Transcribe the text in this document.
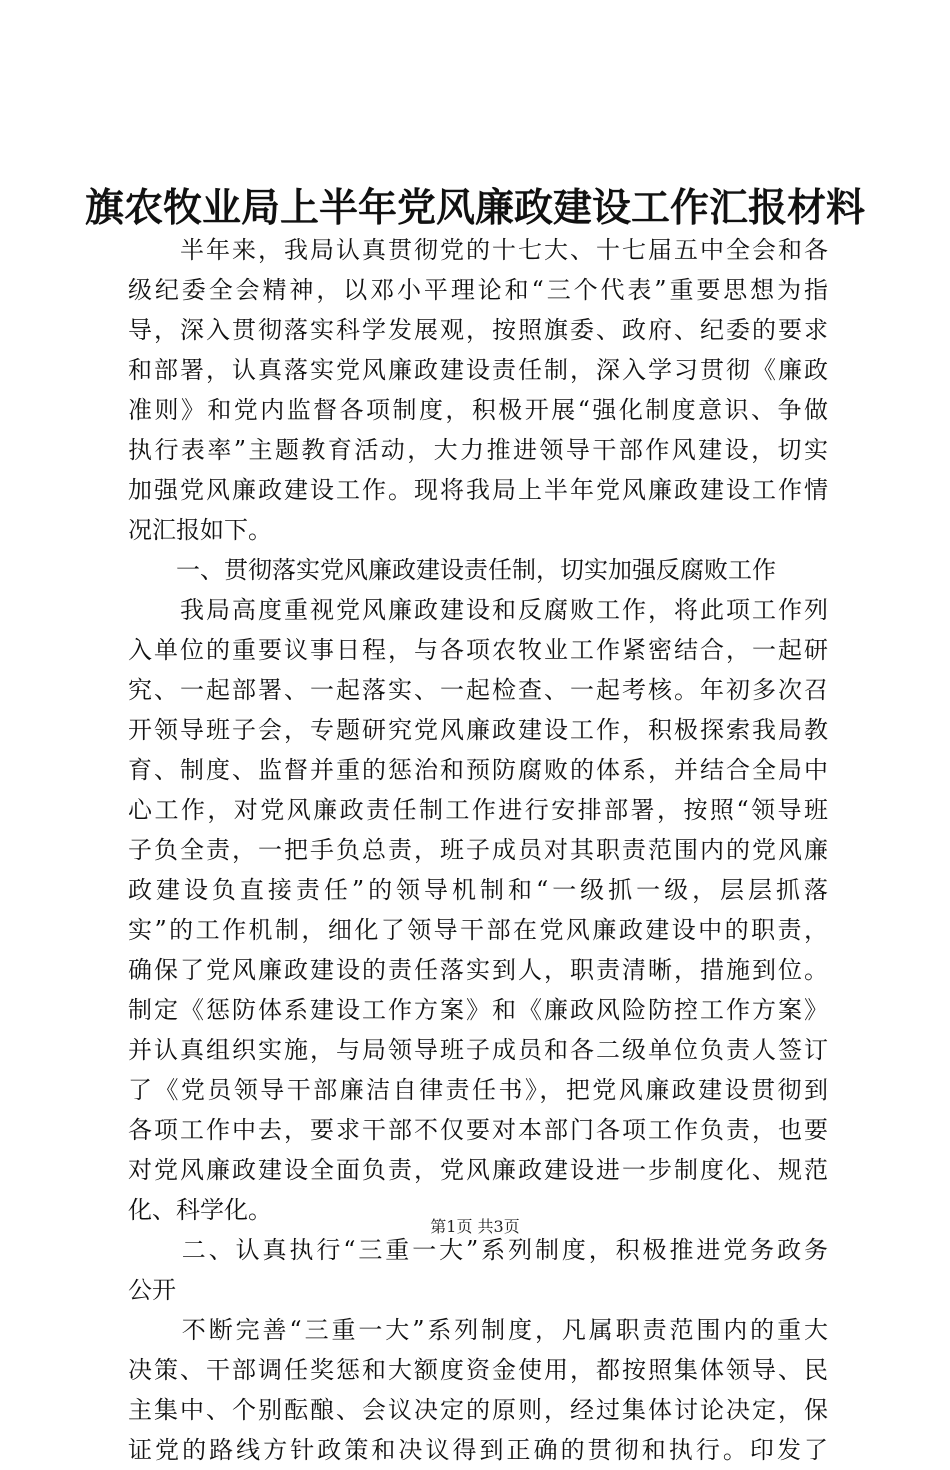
旗农牧业局上半年党风廉政建设工作汇报材料
　　半年来，我局认真贯彻党的十七大、十七届五中全会和各
级纪委全会精神，以邓小平理论和“三个代表”重要思想为指
导，深入贯彻落实科学发展观，按照旗委、政府、纪委的要求
和部署，认真落实党风廉政建设责任制，深入学习贯彻《廉政
准则》和党内监督各项制度，积极开展“强化制度意识、争做
执行表率”主题教育活动，大力推进领导干部作风建设，切实
加强党风廉政建设工作。现将我局上半年党风廉政建设工作情
况汇报如下。
　　一、贯彻落实党风廉政建设责任制，切实加强反腐败工作
　　我局高度重视党风廉政建设和反腐败工作，将此项工作列
入单位的重要议事日程，与各项农牧业工作紧密结合，一起研
究、一起部署、一起落实、一起检查、一起考核。年初多次召
开领导班子会，专题研究党风廉政建设工作，积极探索我局教
育、制度、监督并重的惩治和预防腐败的体系，并结合全局中
心工作，对党风廉政责任制工作进行安排部署，按照“领导班
子负全责，一把手负总责，班子成员对其职责范围内的党风廉
政建设负直接责任”的领导机制和“一级抓一级，层层抓落
实”的工作机制，细化了领导干部在党风廉政建设中的职责，
确保了党风廉政建设的责任落实到人，职责清晰，措施到位。
制定《惩防体系建设工作方案》和《廉政风险防控工作方案》
并认真组织实施，与局领导班子成员和各二级单位负责人签订
了《党员领导干部廉洁自律责任书》，把党风廉政建设贯彻到
各项工作中去，要求干部不仅要对本部门各项工作负责，也要
对党风廉政建设全面负责，党风廉政建设进一步制度化、规范
化、科学化。
　　二、认真执行“三重一大”系列制度，积极推进党务政务
公开
　　不断完善“三重一大”系列制度，凡属职责范围内的重大
决策、干部调任奖惩和大额度资金使用，都按照集体领导、民
主集中、个别酝酿、会议决定的原则，经过集体讨论决定，保
证党的路线方针政策和决议得到正确的贯彻和执行。印发了
第1页 共3页
